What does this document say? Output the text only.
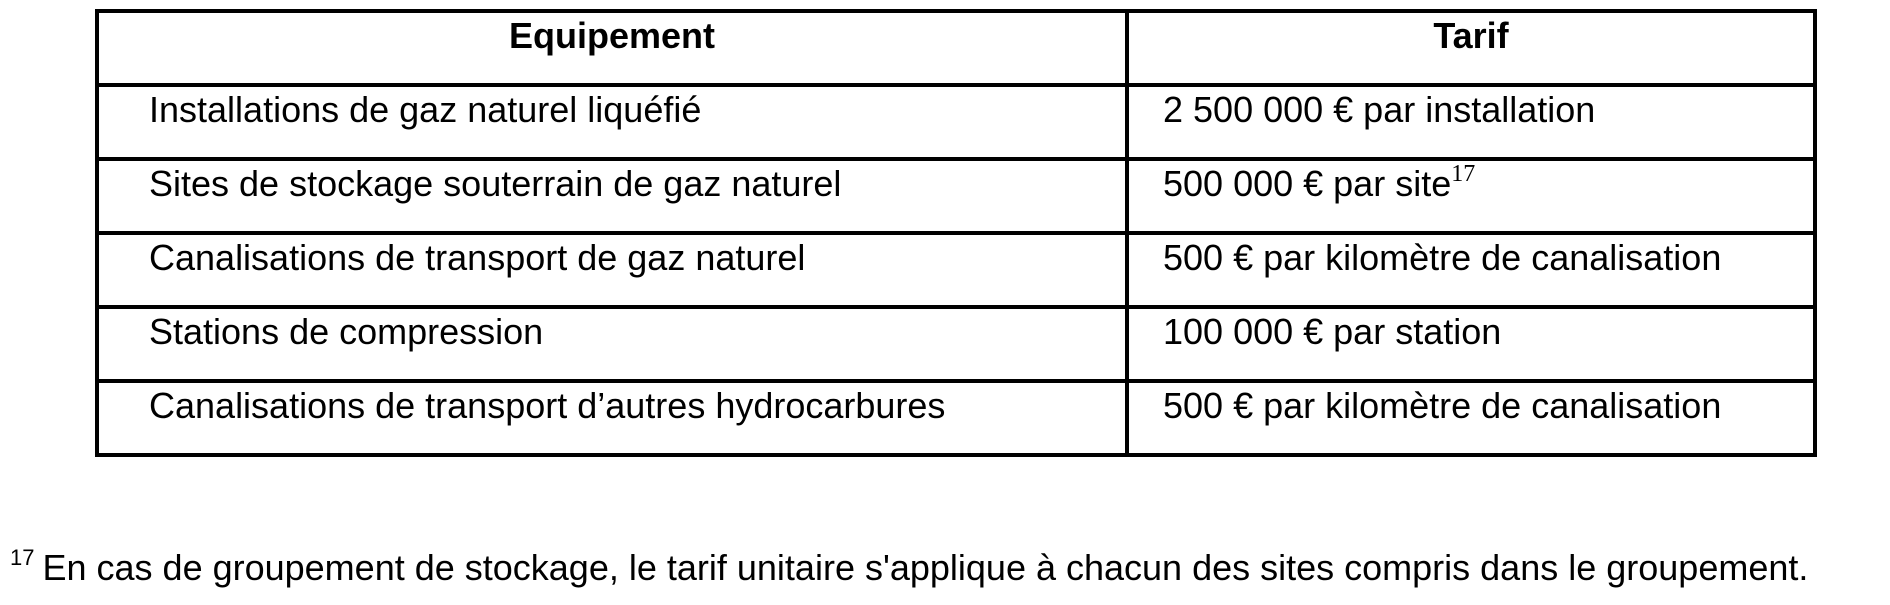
Equipement	Tarif
Installations de gaz naturel liquéfié	2 500 000 € par installation
Sites de stockage souterrain de gaz naturel	500 000 € par site$^{17}$
Canalisations de transport de gaz naturel	500 € par kilomètre de canalisation
Stations de compression	100 000 € par station
Canalisations de transport d’autres hydrocarbures	500 € par kilomètre de canalisation
$^{17}$ En cas de groupement de stockage, le tarif unitaire s'applique à chacun des sites compris dans le groupement.
